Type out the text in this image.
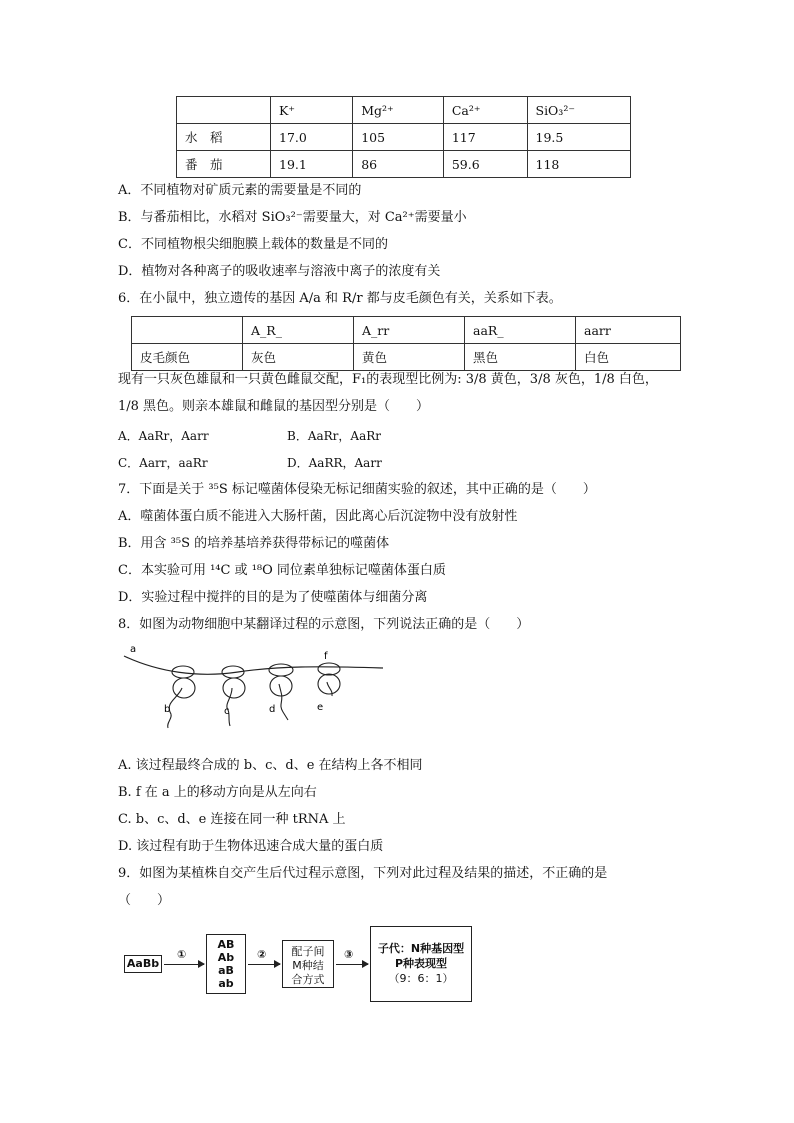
	K⁺	Mg²⁺	Ca²⁺	SiO₃²⁻
水　稻	17.0	105	117	19.5
番　茄	19.1	86	59.6	118
A．不同植物对矿质元素的需要量是不同的
B．与番茄相比，水稻对 SiO₃²⁻需要量大，对 Ca²⁺需要量小
C．不同植物根尖细胞膜上载体的数量是不同的
D．植物对各种离子的吸收速率与溶液中离子的浓度有关
6．在小鼠中，独立遗传的基因 A/a 和 R/r 都与皮毛颜色有关，关系如下表。
	A_R_	A_rr	aaR_	aarr
皮毛颜色	灰色	黄色	黑色	白色
现有一只灰色雄鼠和一只黄色雌鼠交配，F₁的表现型比例为: 3/8 黄色，3/8 灰色，1/8 白色，
1/8 黑色。则亲本雄鼠和雌鼠的基因型分别是（　　）
A．AaRr，Aarr	B．AaRr，AaRr
C．Aarr，aaRr	D．AaRR，Aarr
7．下面是关于 ³⁵S 标记噬菌体侵染无标记细菌实验的叙述，其中正确的是（　　）
A．噬菌体蛋白质不能进入大肠杆菌，因此离心后沉淀物中没有放射性
B．用含 ³⁵S 的培养基培养获得带标记的噬菌体
C．本实验可用 ¹⁴C 或 ¹⁸O 同位素单独标记噬菌体蛋白质
D．实验过程中搅拌的目的是为了使噬菌体与细菌分离
8．如图为动物细胞中某翻译过程的示意图，下列说法正确的是（　　）
a
b	c	d	e
f
A. 该过程最终合成的 b、c、d、e 在结构上各不相同
B. f 在 a 上的移动方向是从左向右
C. b、c、d、e 连接在同一种 tRNA 上
D. 该过程有助于生物体迅速合成大量的蛋白质
9．如图为某植株自交产生后代过程示意图，下列对此过程及结果的描述，不正确的是
（　　）
AaBb
①
AB
Ab
aB
ab
②	配子间
M种结
合方式
③	子代：N种基因型
P种表现型
（9：6：1）
